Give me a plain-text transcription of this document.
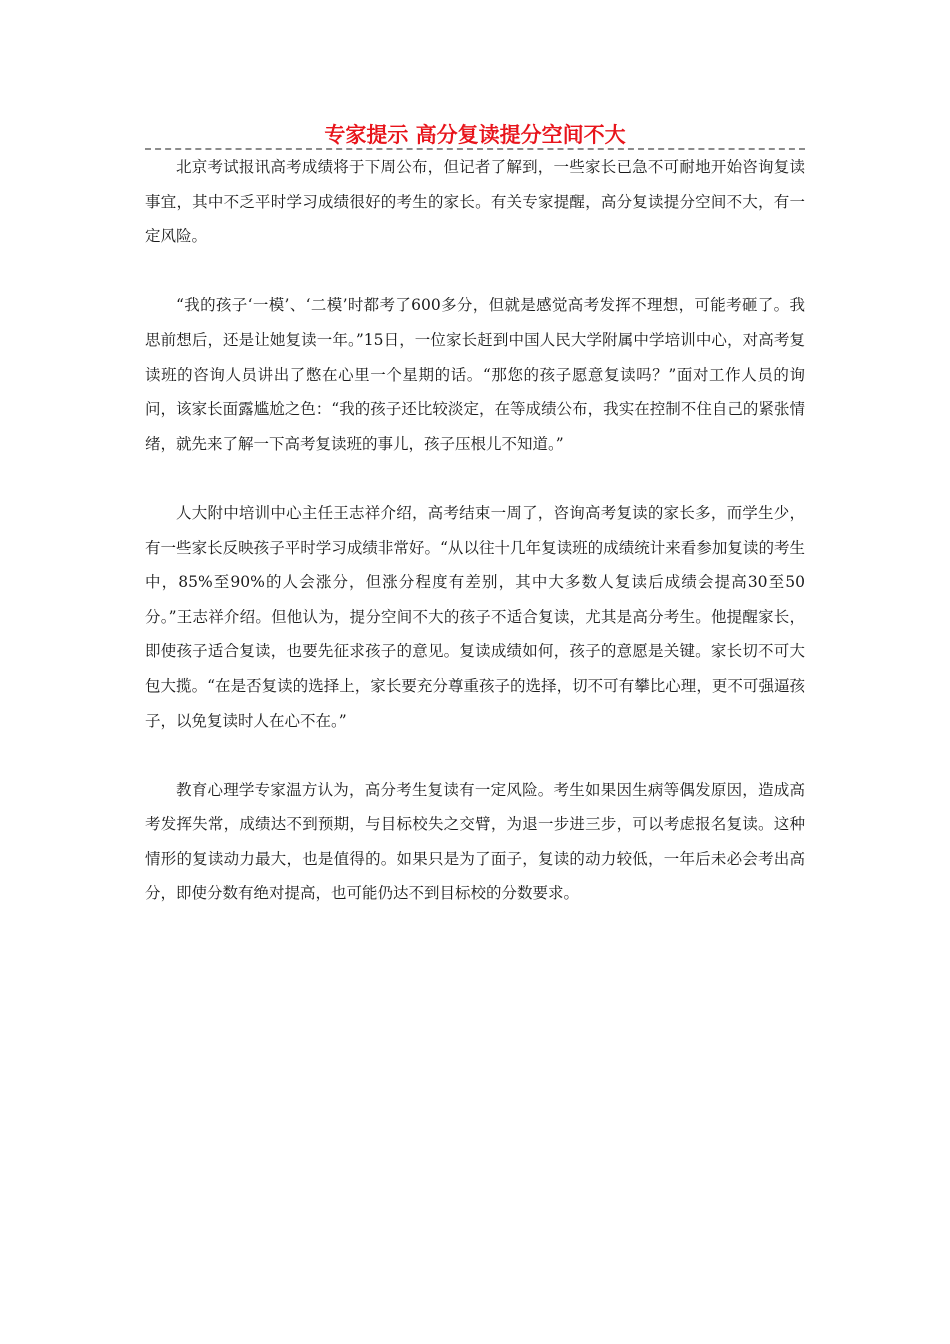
专家提示 高分复读提分空间不大

北京考试报讯高考成绩将于下周公布，但记者了解到，一些家长已急不可耐地开始咨询复读事宜，其中不乏平时学习成绩很好的考生的家长。有关专家提醒，高分复读提分空间不大，有一定风险。

“我的孩子‘一模’、‘二模’时都考了600多分，但就是感觉高考发挥不理想，可能考砸了。我思前想后，还是让她复读一年。”15日，一位家长赶到中国人民大学附属中学培训中心，对高考复读班的咨询人员讲出了憋在心里一个星期的话。“那您的孩子愿意复读吗？”面对工作人员的询问，该家长面露尴尬之色：“我的孩子还比较淡定，在等成绩公布，我实在控制不住自己的紧张情绪，就先来了解一下高考复读班的事儿，孩子压根儿不知道。”

人大附中培训中心主任王志祥介绍，高考结束一周了，咨询高考复读的家长多，而学生少，有一些家长反映孩子平时学习成绩非常好。“从以往十几年复读班的成绩统计来看参加复读的考生中，85%至90%的人会涨分，但涨分程度有差别，其中大多数人复读后成绩会提高30至50分。”王志祥介绍。但他认为，提分空间不大的孩子不适合复读，尤其是高分考生。他提醒家长，即使孩子适合复读，也要先征求孩子的意见。复读成绩如何，孩子的意愿是关键。家长切不可大包大揽。“在是否复读的选择上，家长要充分尊重孩子的选择，切不可有攀比心理，更不可强逼孩子，以免复读时人在心不在。”

教育心理学专家温方认为，高分考生复读有一定风险。考生如果因生病等偶发原因，造成高考发挥失常，成绩达不到预期，与目标校失之交臂，为退一步进三步，可以考虑报名复读。这种情形的复读动力最大，也是值得的。如果只是为了面子，复读的动力较低，一年后未必会考出高分，即使分数有绝对提高，也可能仍达不到目标校的分数要求。
